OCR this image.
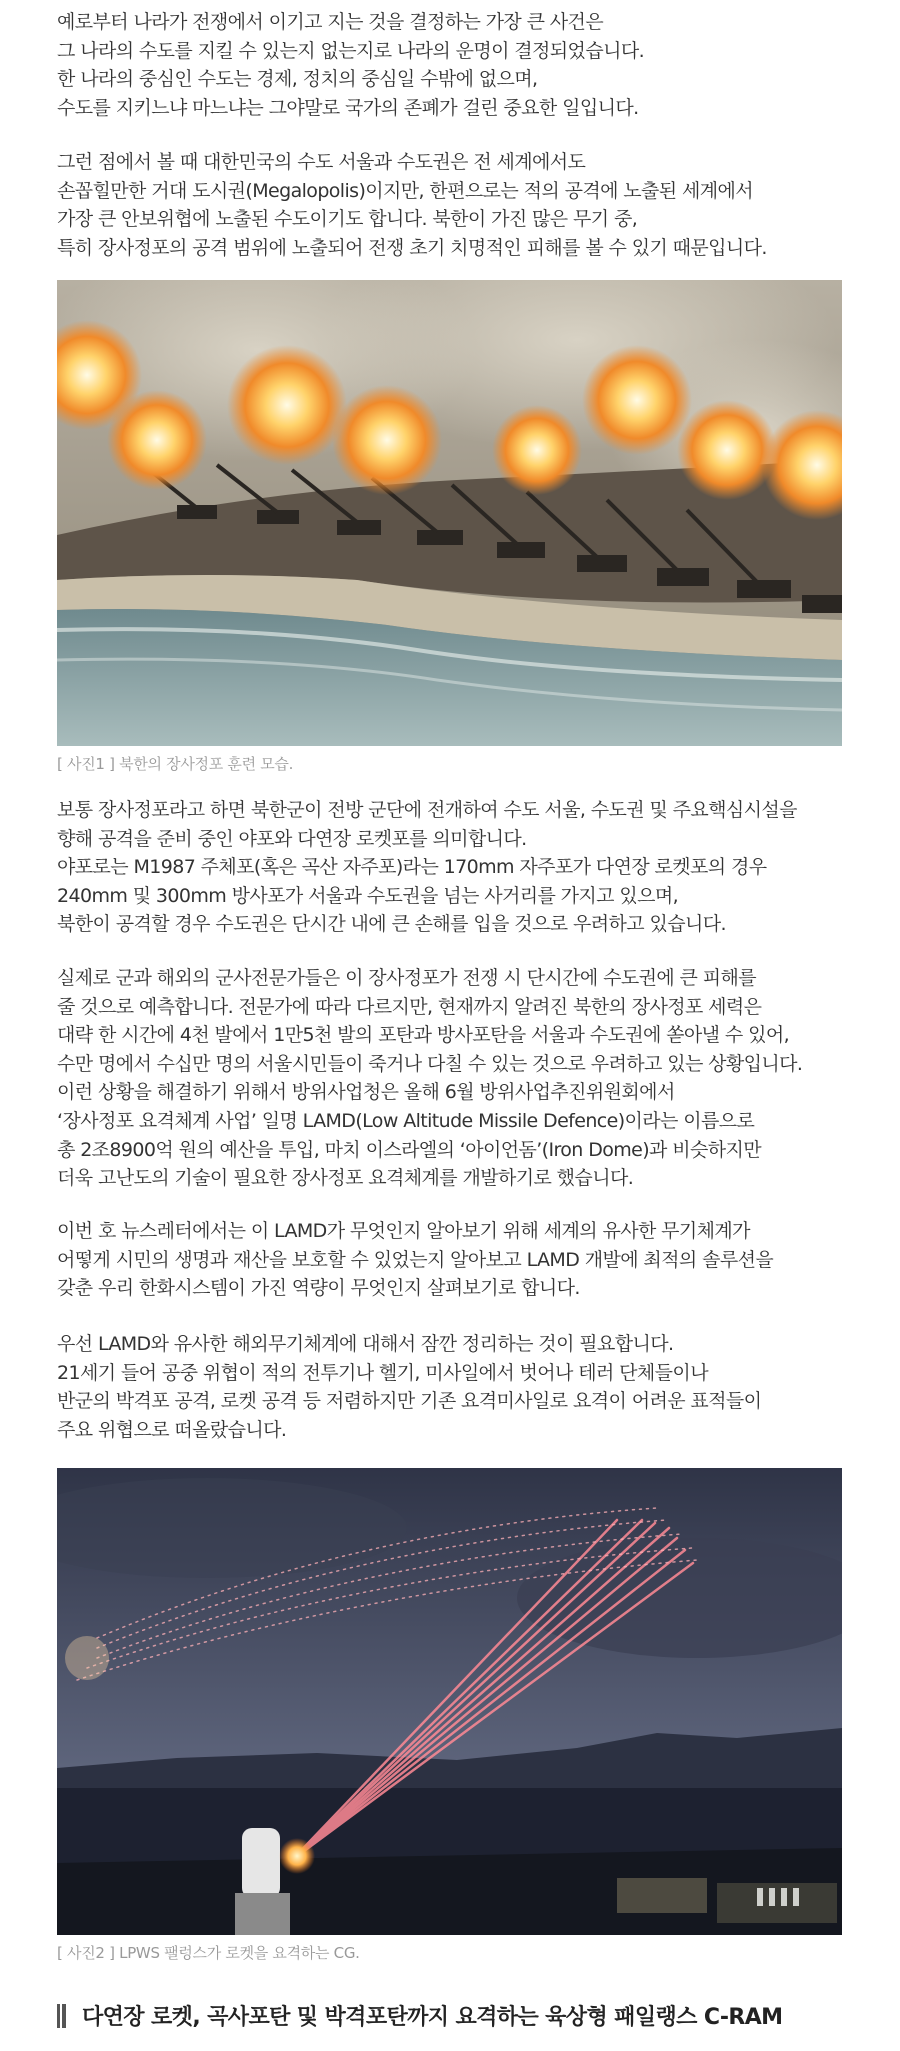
예로부터 나라가 전쟁에서 이기고 지는 것을 결정하는 가장 큰 사건은
그 나라의 수도를 지킬 수 있는지 없는지로 나라의 운명이 결정되었습니다.
한 나라의 중심인 수도는 경제, 정치의 중심일 수밖에 없으며,
수도를 지키느냐 마느냐는 그야말로 국가의 존폐가 걸린 중요한 일입니다.

그런 점에서 볼 때 대한민국의 수도 서울과 수도권은 전 세계에서도
손꼽힐만한 거대 도시권(Megalopolis)이지만, 한편으로는 적의 공격에 노출된 세계에서
가장 큰 안보위협에 노출된 수도이기도 합니다. 북한이 가진 많은 무기 중,
특히 장사정포의 공격 범위에 노출되어 전쟁 초기 치명적인 피해를 볼 수 있기 때문입니다.

[ 사진1 ] 북한의 장사정포 훈련 모습.

보통 장사정포라고 하면 북한군이 전방 군단에 전개하여 수도 서울, 수도권 및 주요핵심시설을
향해 공격을 준비 중인 야포와 다연장 로켓포를 의미합니다.
야포로는 M1987 주체포(혹은 곡산 자주포)라는 170mm 자주포가 다연장 로켓포의 경우
240mm 및 300mm 방사포가 서울과 수도권을 넘는 사거리를 가지고 있으며,
북한이 공격할 경우 수도권은 단시간 내에 큰 손해를 입을 것으로 우려하고 있습니다.

실제로 군과 해외의 군사전문가들은 이 장사정포가 전쟁 시 단시간에 수도권에 큰 피해를
줄 것으로 예측합니다. 전문가에 따라 다르지만, 현재까지 알려진 북한의 장사정포 세력은
대략 한 시간에 4천 발에서 1만5천 발의 포탄과 방사포탄을 서울과 수도권에 쏟아낼 수 있어,
수만 명에서 수십만 명의 서울시민들이 죽거나 다칠 수 있는 것으로 우려하고 있는 상황입니다.
이런 상황을 해결하기 위해서 방위사업청은 올해 6월 방위사업추진위원회에서
‘장사정포 요격체계 사업’ 일명 LAMD(Low Altitude Missile Defence)이라는 이름으로
총 2조8900억 원의 예산을 투입, 마치 이스라엘의 ‘아이언돔’(Iron Dome)과 비슷하지만
더욱 고난도의 기술이 필요한 장사정포 요격체계를 개발하기로 했습니다.

이번 호 뉴스레터에서는 이 LAMD가 무엇인지 알아보기 위해 세계의 유사한 무기체계가
어떻게 시민의 생명과 재산을 보호할 수 있었는지 알아보고 LAMD 개발에 최적의 솔루션을
갖춘 우리 한화시스템이 가진 역량이 무엇인지 살펴보기로 합니다.

우선 LAMD와 유사한 해외무기체계에 대해서 잠깐 정리하는 것이 필요합니다.
21세기 들어 공중 위협이 적의 전투기나 헬기, 미사일에서 벗어나 테러 단체들이나
반군의 박격포 공격, 로켓 공격 등 저렴하지만 기존 요격미사일로 요격이 어려운 표적들이
주요 위협으로 떠올랐습니다.

[ 사진2 ] LPWS 팰렁스가 로켓을 요격하는 CG.

다연장 로켓, 곡사포탄 및 박격포탄까지 요격하는 육상형 패일랭스 C-RAM
